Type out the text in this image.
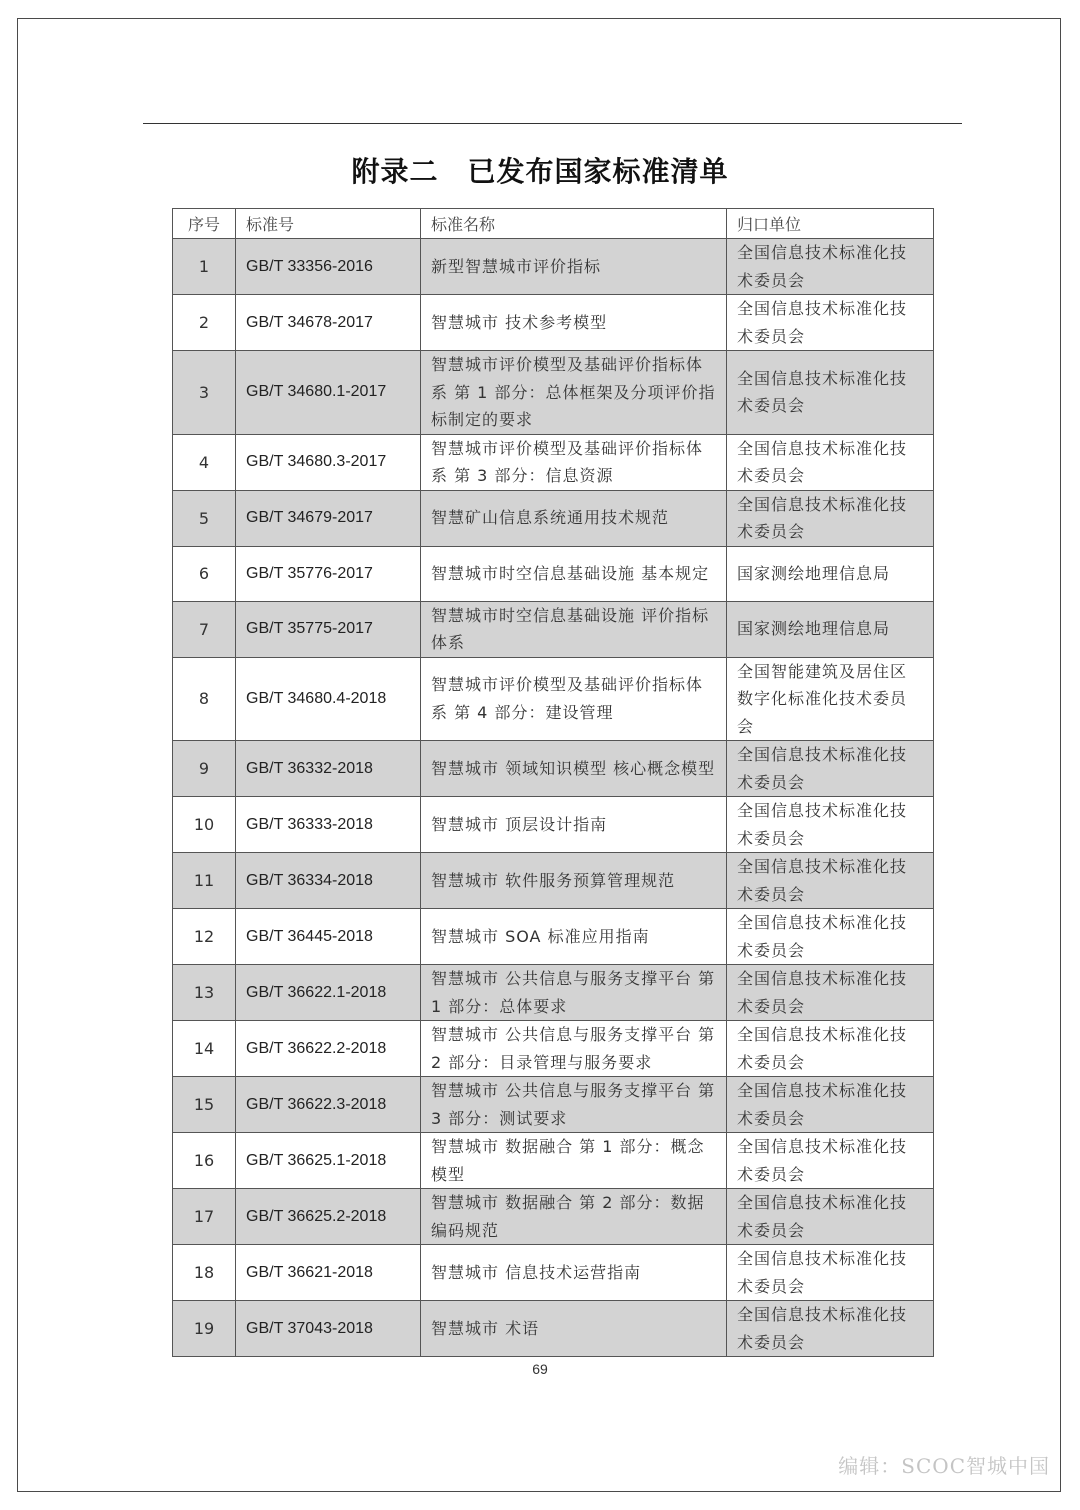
附录二　已发布国家标准清单
序号	标准号	标准名称	归口单位
1	GB/T 33356-2016	新型智慧城市评价指标	全国信息技术标准化技术委员会
2	GB/T 34678-2017	智慧城市 技术参考模型	全国信息技术标准化技术委员会
3	GB/T 34680.1-2017	智慧城市评价模型及基础评价指标体系 第 1 部分：总体框架及分项评价指标制定的要求	全国信息技术标准化技术委员会
4	GB/T 34680.3-2017	智慧城市评价模型及基础评价指标体系 第 3 部分：信息资源	全国信息技术标准化技术委员会
5	GB/T 34679-2017	智慧矿山信息系统通用技术规范	全国信息技术标准化技术委员会
6	GB/T 35776-2017	智慧城市时空信息基础设施 基本规定	国家测绘地理信息局
7	GB/T 35775-2017	智慧城市时空信息基础设施 评价指标体系	国家测绘地理信息局
8	GB/T 34680.4-2018	智慧城市评价模型及基础评价指标体系 第 4 部分：建设管理	全国智能建筑及居住区数字化标准化技术委员会
9	GB/T 36332-2018	智慧城市 领域知识模型 核心概念模型	全国信息技术标准化技术委员会
10	GB/T 36333-2018	智慧城市 顶层设计指南	全国信息技术标准化技术委员会
11	GB/T 36334-2018	智慧城市 软件服务预算管理规范	全国信息技术标准化技术委员会
12	GB/T 36445-2018	智慧城市 SOA 标准应用指南	全国信息技术标准化技术委员会
13	GB/T 36622.1-2018	智慧城市 公共信息与服务支撑平台 第 1 部分：总体要求	全国信息技术标准化技术委员会
14	GB/T 36622.2-2018	智慧城市 公共信息与服务支撑平台 第 2 部分：目录管理与服务要求	全国信息技术标准化技术委员会
15	GB/T 36622.3-2018	智慧城市 公共信息与服务支撑平台 第 3 部分：测试要求	全国信息技术标准化技术委员会
16	GB/T 36625.1-2018	智慧城市 数据融合 第 1 部分：概念模型	全国信息技术标准化技术委员会
17	GB/T 36625.2-2018	智慧城市 数据融合 第 2 部分：数据编码规范	全国信息技术标准化技术委员会
18	GB/T 36621-2018	智慧城市 信息技术运营指南	全国信息技术标准化技术委员会
19	GB/T 37043-2018	智慧城市 术语	全国信息技术标准化技术委员会
69
编辑：SCOC智城中国
